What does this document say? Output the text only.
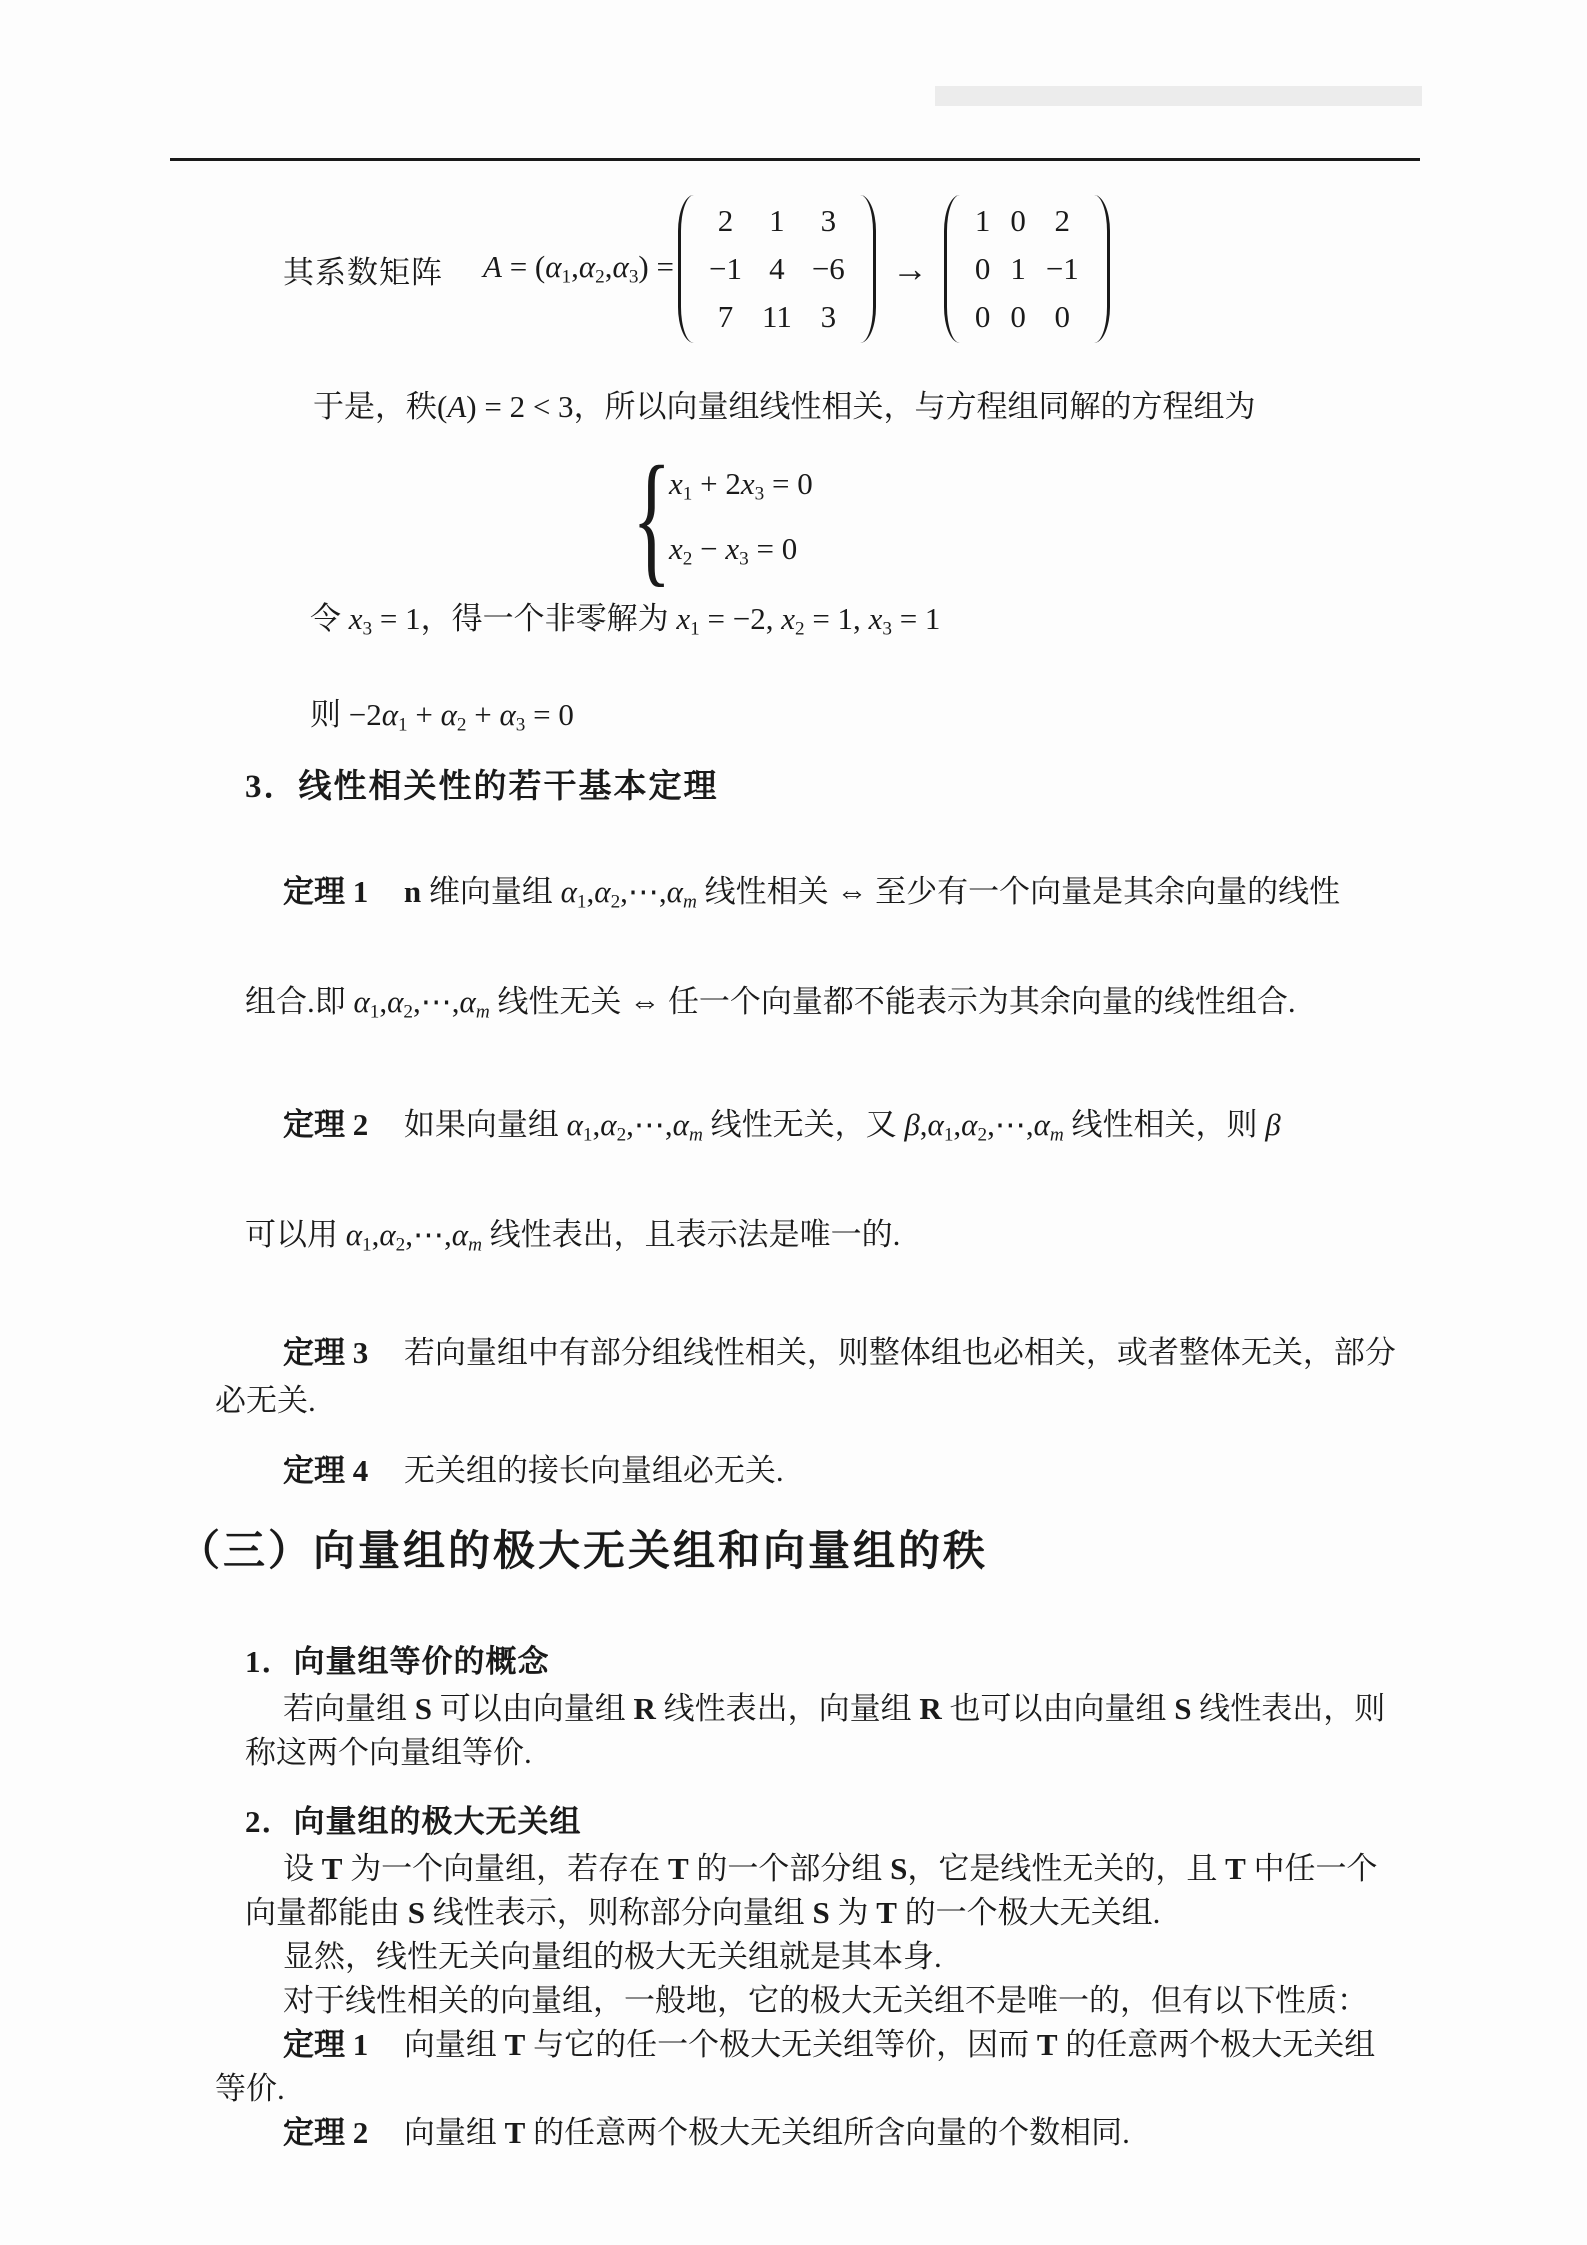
其系数矩阵 $A = (\alpha_1,\alpha_2,\alpha_3)$ =
2 1 3
−1 4 −6
7 11 3
→
1 0 2
0 1 −1
0 0 0
于是，秩(A) = 2 < 3，所以向量组线性相关，与方程组同解的方程组为
{
$x_1 + 2x_3 = 0$
$x_2 - x_3 = 0$
令 $x_3 = 1$，得一个非零解为 $x_1 = -2$, $x_2 = 1$, $x_3 = 1$
则 $-2\alpha_1 + \alpha_2 + \alpha_3 = 0$
3．线性相关性的若干基本定理

定理 1 n 维向量组 $\alpha_1,\alpha_2,\cdots,\alpha m$ 线性相关 ⇔ 至少有一个向量是其余向量的线性
组合.即 $\alpha_1,\alpha_2,\cdots,\alpha m$ 线性无关 ⇔ 任一个向量都不能表示为其余向量的线性组合.

定理 2 如果向量组 $\alpha_1,\alpha_2,\cdots,\alpha m$ 线性无关，又 $\beta,\alpha_1,\alpha_2,\cdots,\alpha m$ 线性相关，则 β
可以用 $\alpha_1,\alpha_2,\cdots,\alpha m$ 线性表出，且表示法是唯一的.

定理 3 若向量组中有部分组线性相关，则整体组也必相关，或者整体无关，部分
必无关.

定理 4 无关组的接长向量组必无关.

（三）向量组的极大无关组和向量组的秩
1．向量组等价的概念

若向量组 S 可以由向量组 R 线性表出，向量组 R 也可以由向量组 S 线性表出，则
称这两个向量组等价.

2．向量组的极大无关组

设 T 为一个向量组，若存在 T 的一个部分组 S，它是线性无关的，且 T 中任一个
向量都能由 S 线性表示，则称部分向量组 S 为 T 的一个极大无关组.

显然，线性无关向量组的极大无关组就是其本身.

对于线性相关的向量组，一般地，它的极大无关组不是唯一的，但有以下性质：

定理 1 向量组 T 与它的任一个极大无关组等价，因而 T 的任意两个极大无关组
等价.

定理 2 向量组 T 的任意两个极大无关组所含向量的个数相同.
